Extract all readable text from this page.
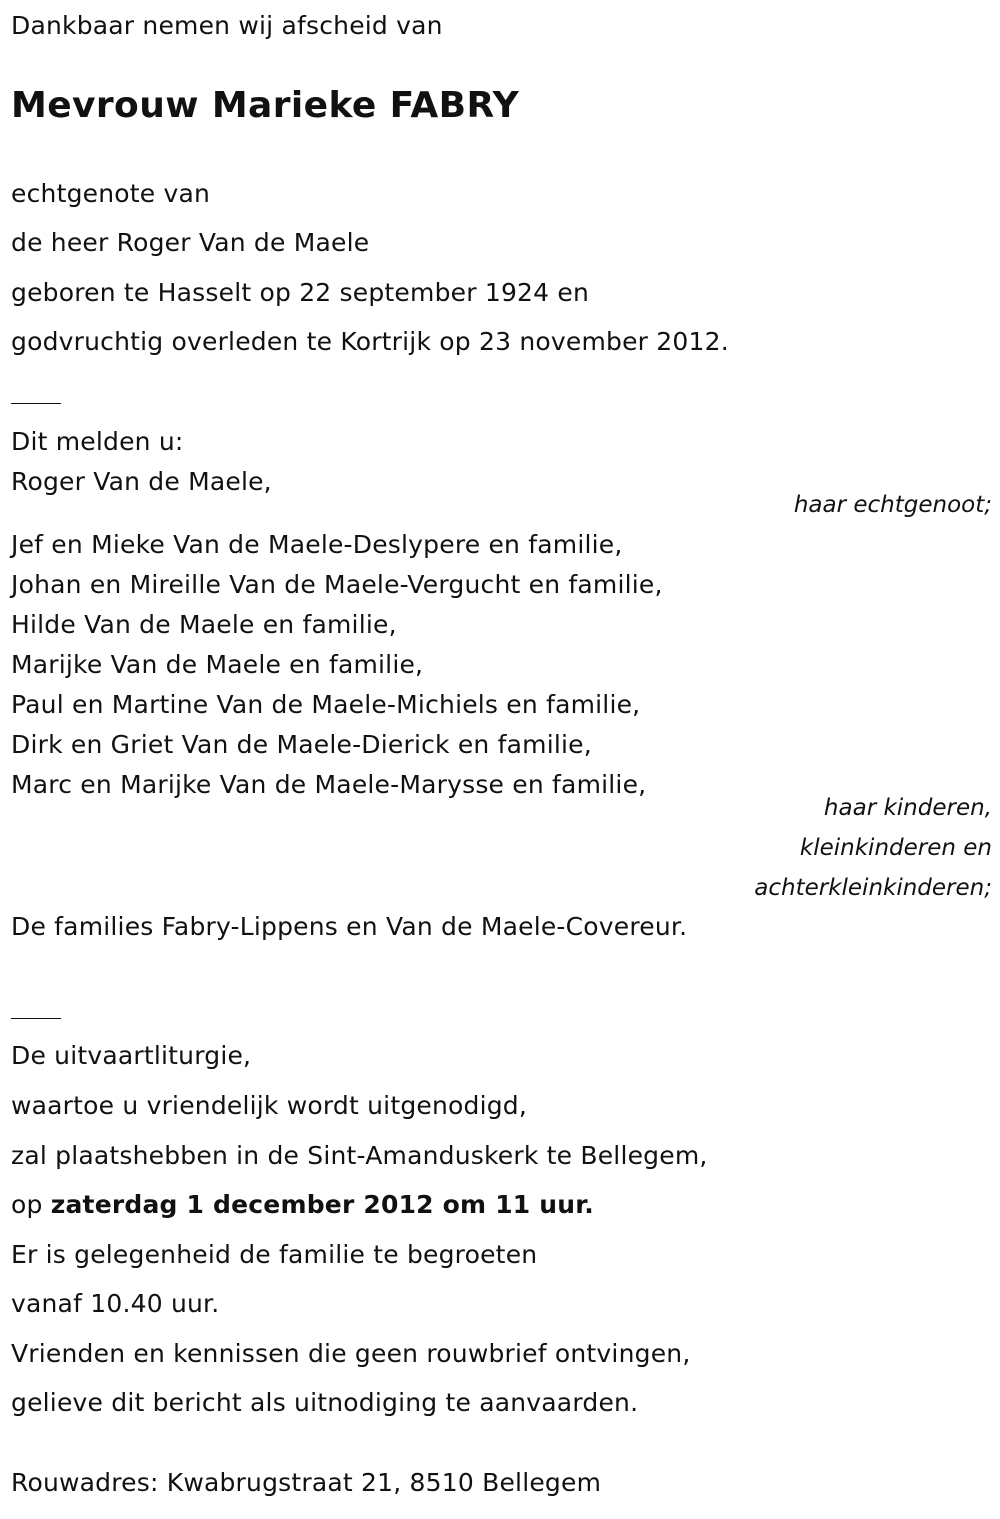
Dankbaar nemen wij afscheid van
Mevrouw Marieke FABRY
echtgenote van
de heer Roger Van de Maele
geboren te Hasselt op 22 september 1924 en
godvruchtig overleden te Kortrijk op 23 november 2012.
Dit melden u:
Roger Van de Maele,
haar echtgenoot;
Jef en Mieke Van de Maele-Deslypere en familie,
Johan en Mireille Van de Maele-Vergucht en familie,
Hilde Van de Maele en familie,
Marijke Van de Maele en familie,
Paul en Martine Van de Maele-Michiels en familie,
Dirk en Griet Van de Maele-Dierick en familie,
Marc en Marijke Van de Maele-Marysse en familie,
haar kinderen,
kleinkinderen en
achterkleinkinderen;
De families Fabry-Lippens en Van de Maele-Covereur.
De uitvaartliturgie,
waartoe u vriendelijk wordt uitgenodigd,
zal plaatshebben in de Sint-Amanduskerk te Bellegem,
op zaterdag 1 december 2012 om 11 uur.
Er is gelegenheid de familie te begroeten
vanaf 10.40 uur.
Vrienden en kennissen die geen rouwbrief ontvingen,
gelieve dit bericht als uitnodiging te aanvaarden.
Rouwadres: Kwabrugstraat 21, 8510 Bellegem
